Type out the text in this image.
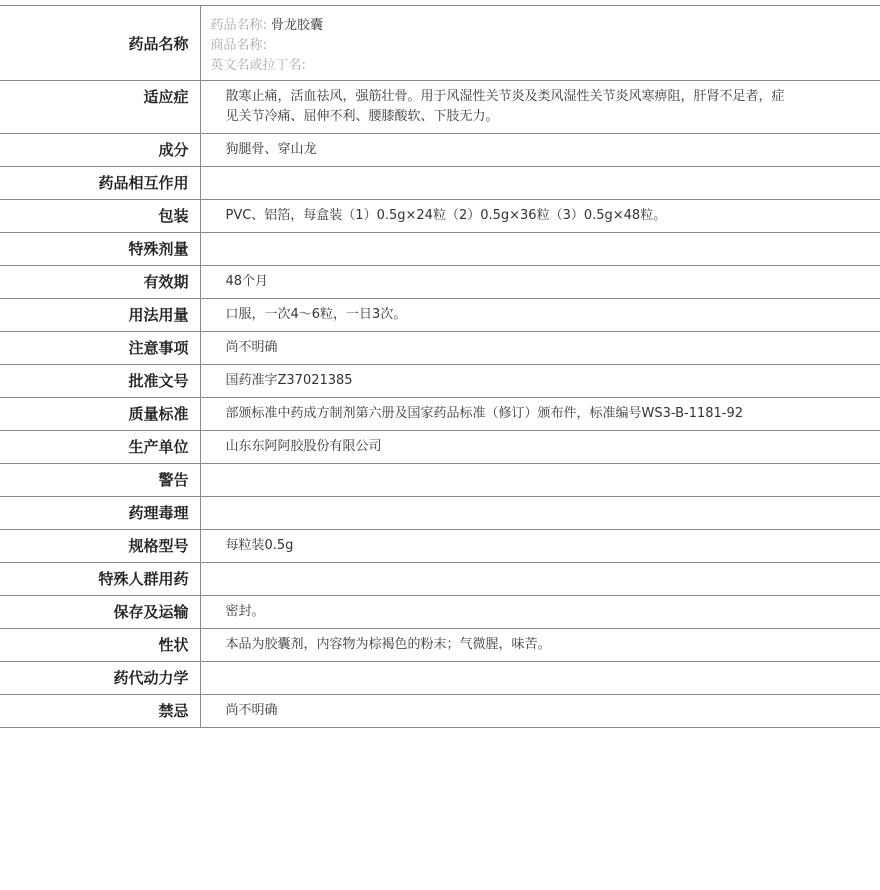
药品名称	药品名称: 骨龙胶囊
商品名称:
英文名或拉丁名:

适应症	散寒止痛，活血祛风，强筋壮骨。用于风湿性关节炎及类风湿性关节炎风寒痹阻，肝肾不足者，症见关节冷痛、屈伸不利、腰膝酸软、下肢无力。
成分	狗腿骨、穿山龙
药品相互作用	
包装	PVC、铝箔，每盒装（1）0.5g×24粒（2）0.5g×36粒（3）0.5g×48粒。
特殊剂量	
有效期	48个月
用法用量	口服，一次4～6粒，一日3次。
注意事项	尚不明确
批准文号	国药准字Z37021385
质量标准	部颁标准中药成方制剂第六册及国家药品标准（修订）颁布件，标准编号WS3-B-1181-92
生产单位	山东东阿阿胶股份有限公司
警告	
药理毒理	
规格型号	每粒装0.5g
特殊人群用药	
保存及运输	密封。
性状	本品为胶囊剂，内容物为棕褐色的粉末；气微腥，味苦。
药代动力学	
禁忌	尚不明确
